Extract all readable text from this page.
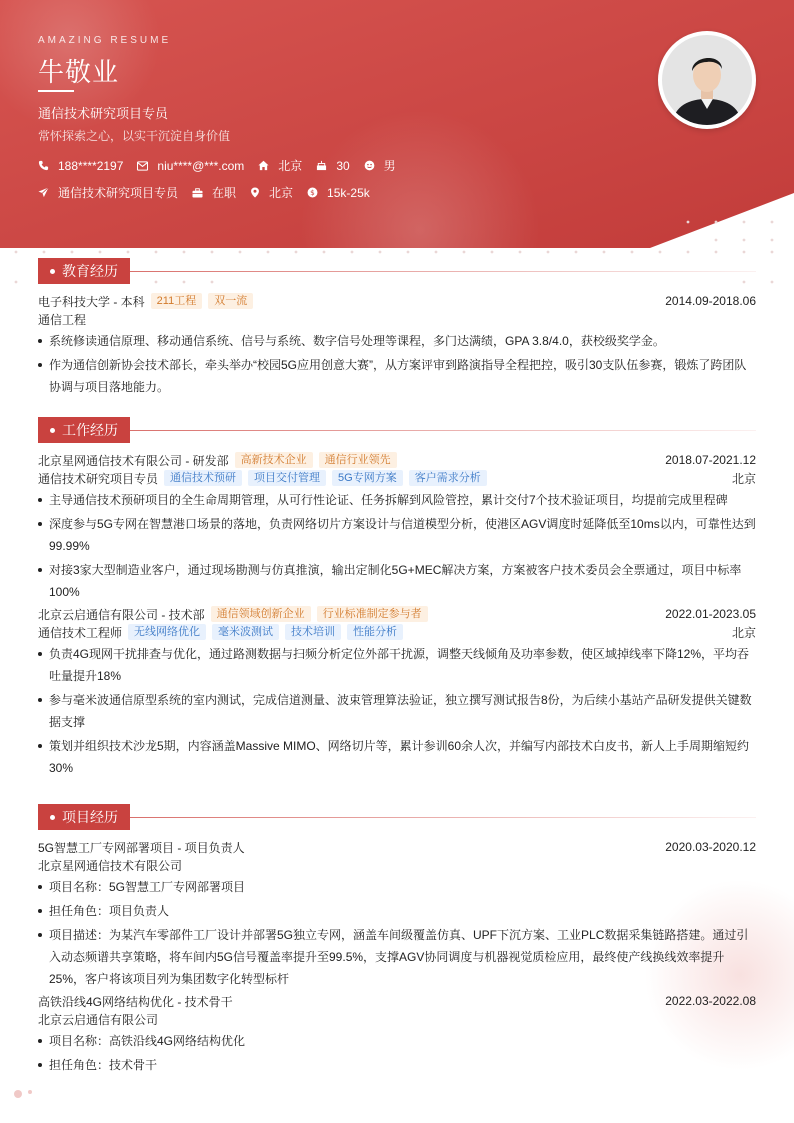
AMAZING RESUME
牛敬业
通信技术研究项目专员
常怀探索之心，以实干沉淀自身价值
188****2197	niu****@***.com	北京	30	男
通信技术研究项目专员	在职	北京 $ 15k-25k
教育经历
电子科技大学 - 本科	211工程	双一流	2014.09-2018.06
通信工程
系统修读通信原理、移动通信系统、信号与系统、数字信号处理等课程，多门达满绩，GPA 3.8/4.0，获校级奖学金。
作为通信创新协会技术部长，牵头举办“校园5G应用创意大赛”，从方案评审到路演指导全程把控，吸引30支队伍参赛，锻炼了跨团队协调与项目落地能力。
工作经历
北京星网通信技术有限公司 - 研发部	高新技术企业	通信行业领先	2018.07-2021.12
通信技术研究项目专员	通信技术预研	项目交付管理	5G专网方案	客户需求分析	北京
主导通信技术预研项目的全生命周期管理，从可行性论证、任务拆解到风险管控，累计交付7个技术验证项目，均提前完成里程碑
深度参与5G专网在智慧港口场景的落地，负责网络切片方案设计与信道模型分析，使港区AGV调度时延降低至10ms以内，可靠性达到99.99%
对接3家大型制造业客户，通过现场勘测与仿真推演，输出定制化5G+MEC解决方案，方案被客户技术委员会全票通过，项目中标率100%
北京云启通信有限公司 - 技术部	通信领域创新企业	行业标准制定参与者	2022.01-2023.05
通信技术工程师	无线网络优化	毫米波测试	技术培训	性能分析	北京
负责4G现网干扰排查与优化，通过路测数据与扫频分析定位外部干扰源，调整天线倾角及功率参数，使区域掉线率下降12%，平均吞吐量提升18%
参与毫米波通信原型系统的室内测试，完成信道测量、波束管理算法验证，独立撰写测试报告8份，为后续小基站产品研发提供关键数据支撑
策划并组织技术沙龙5期，内容涵盖Massive MIMO、网络切片等，累计参训60余人次，并编写内部技术白皮书，新人上手周期缩短约30%
项目经历
5G智慧工厂专网部署项目 - 项目负责人	2020.03-2020.12
北京星网通信技术有限公司
项目名称：5G智慧工厂专网部署项目
担任角色：项目负责人
项目描述：为某汽车零部件工厂设计并部署5G独立专网，涵盖车间级覆盖仿真、UPF下沉方案、工业PLC数据采集链路搭建。通过引入动态频谱共享策略，将车间内5G信号覆盖率提升至99.5%，支撑AGV协同调度与机器视觉质检应用，最终使产线换线效率提升25%，客户将该项目列为集团数字化转型标杆
高铁沿线4G网络结构优化 - 技术骨干	2022.03-2022.08
北京云启通信有限公司
项目名称：高铁沿线4G网络结构优化
担任角色：技术骨干
